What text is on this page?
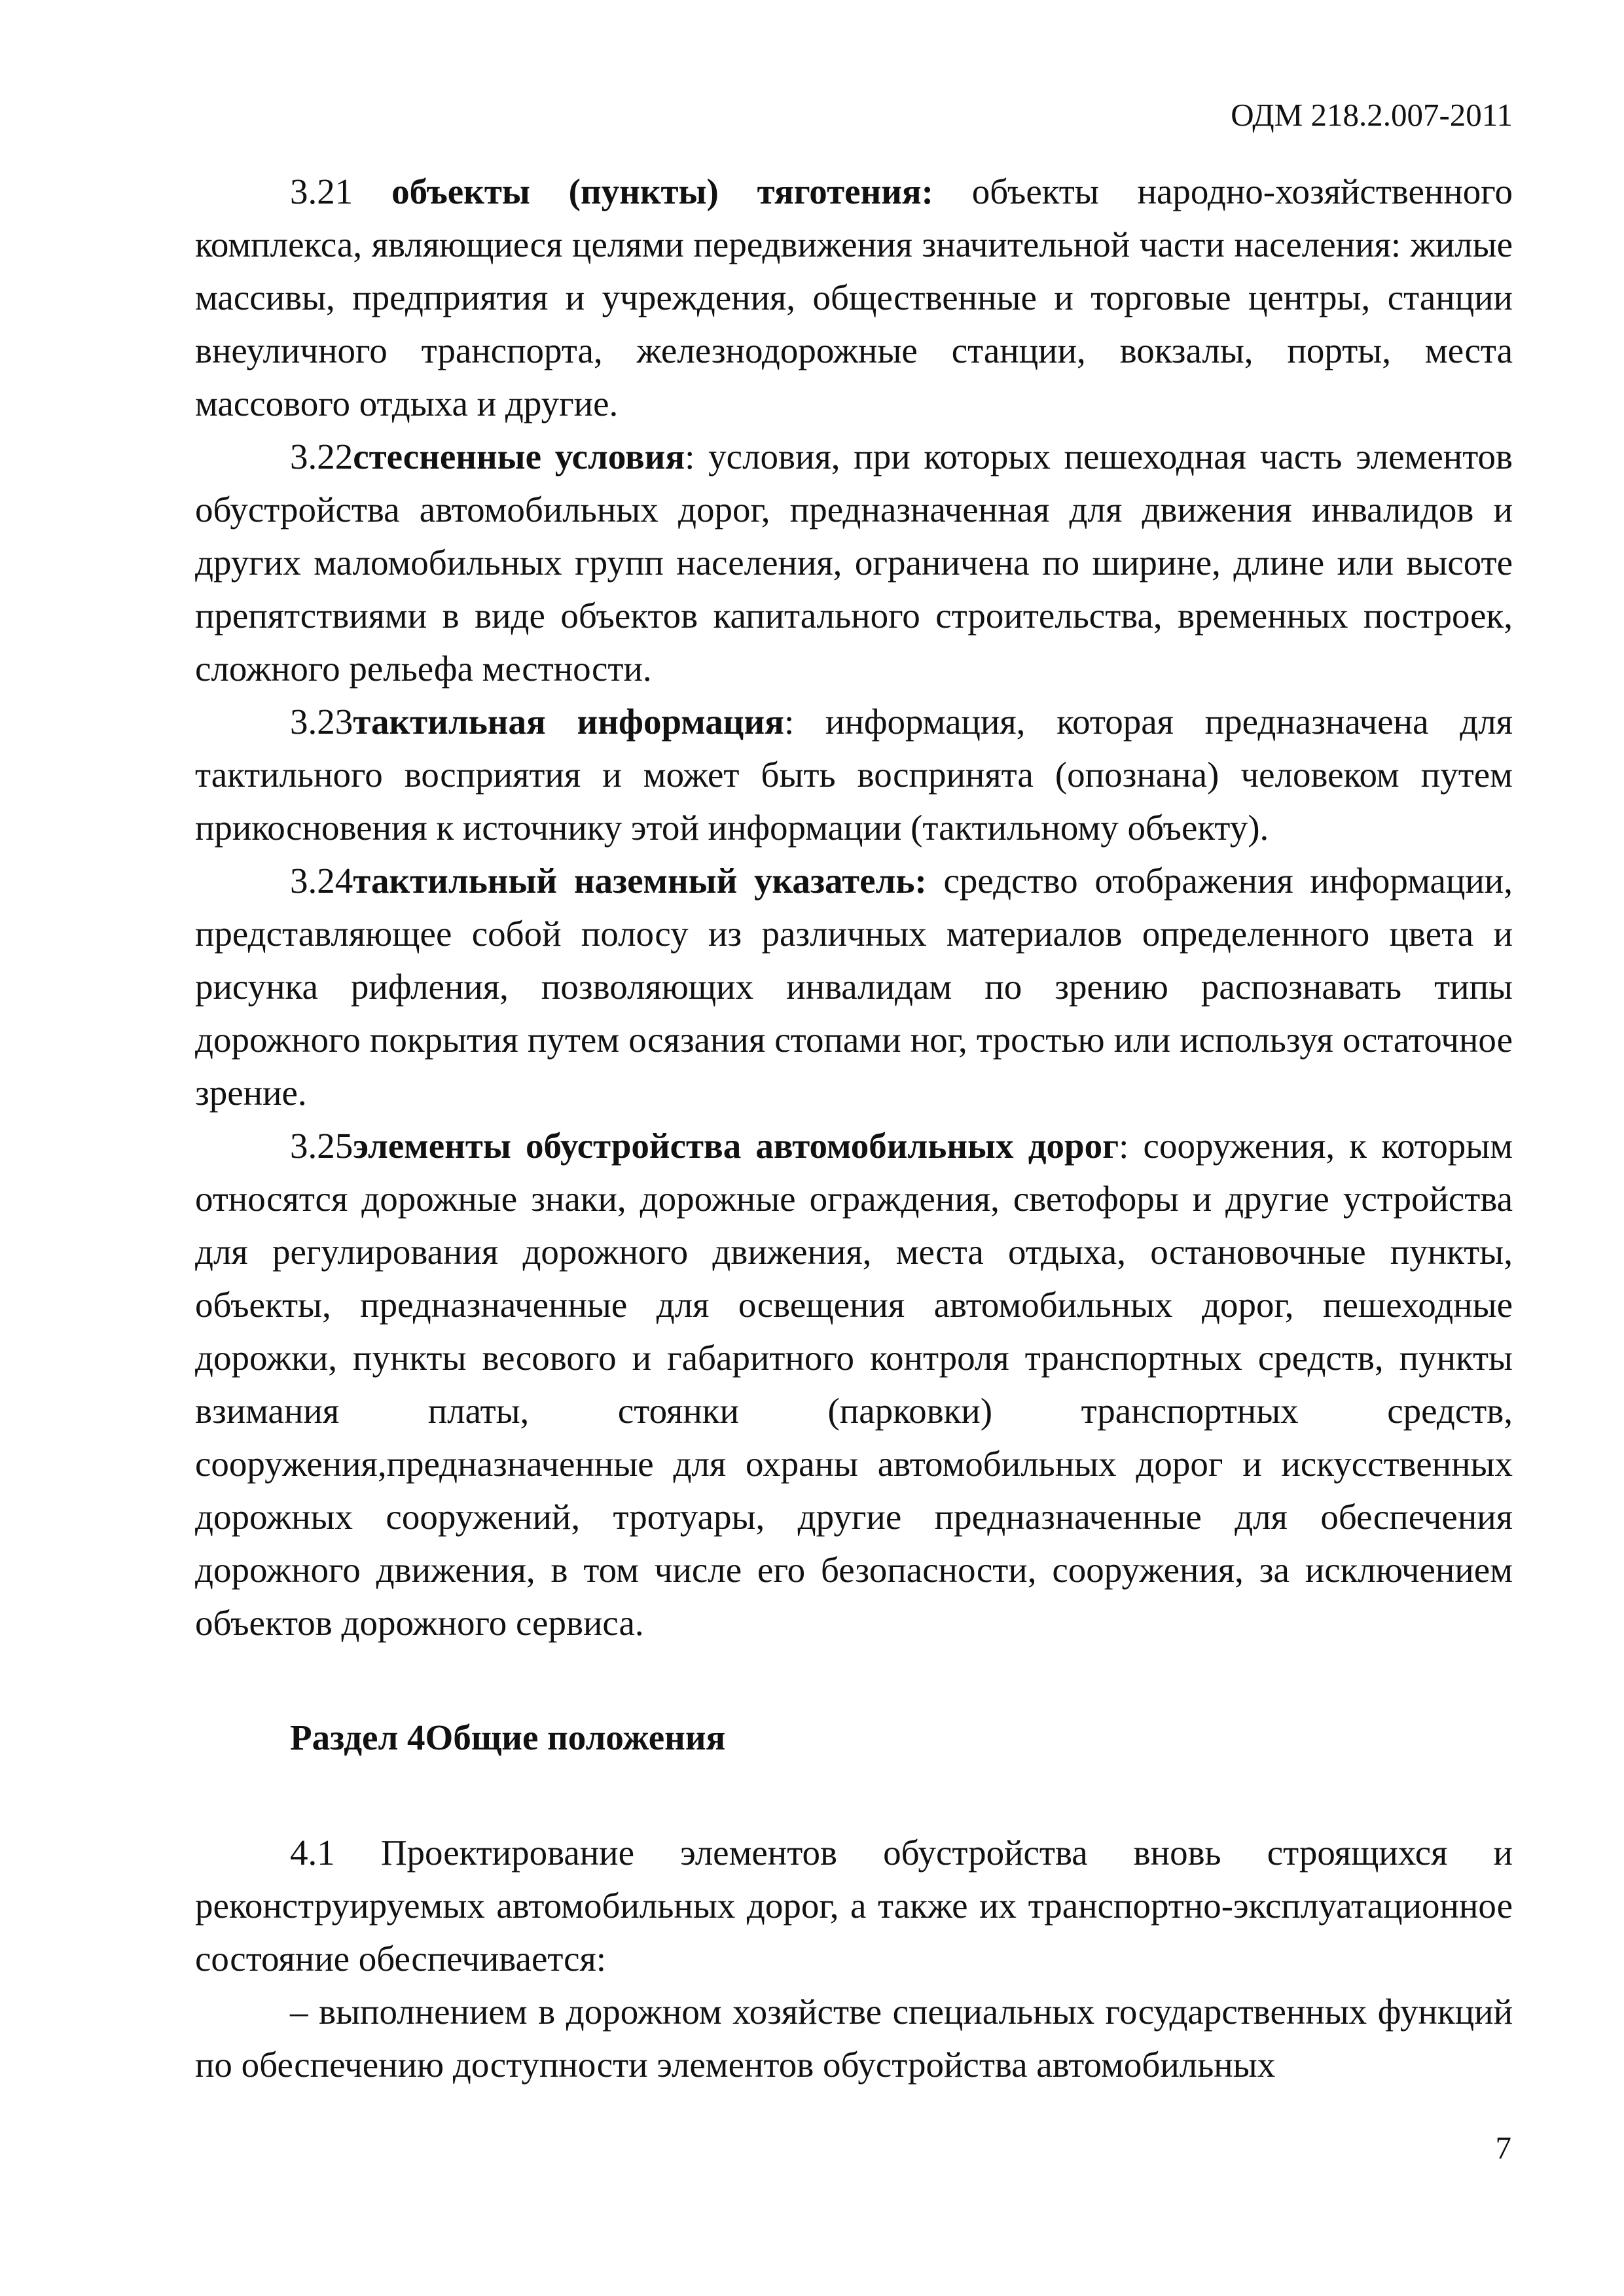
ОДМ 218.2.007-2011

3.21 объекты (пункты) тяготения: объекты народно-хозяйственного комплекса, являющиеся целями передвижения значительной части населения: жилые массивы, предприятия и учреждения, общественные и торговые центры, станции внеуличного транспорта, железнодорожные станции, вокзалы, порты, места массового отдыха и другие.

3.22стесненные условия: условия, при которых пешеходная часть элементов обустройства автомобильных дорог, предназначенная для движения инвалидов и других маломобильных групп населения, ограничена по ширине, длине или высоте препятствиями в виде объектов капитального строительства, временных построек, сложного рельефа местности.

3.23тактильная информация: информация, которая предназначена для тактильного восприятия и может быть воспринята (опознана) человеком путем прикосновения к источнику этой информации (тактильному объекту).

3.24тактильный наземный указатель: средство отображения информации, представляющее собой полосу из различных материалов определенного цвета и рисунка рифления, позволяющих инвалидам по зрению распознавать типы дорожного покрытия путем осязания стопами ног, тростью или используя остаточное зрение.

3.25элементы обустройства автомобильных дорог: сооружения, к которым относятся дорожные знаки, дорожные ограждения, светофоры и другие устройства для регулирования дорожного движения, места отдыха, остановочные пункты, объекты, предназначенные для освещения автомобильных дорог, пешеходные дорожки, пункты весового и габаритного контроля транспортных средств, пункты взимания платы, стоянки (парковки) транспортных средств, сооружения,предназначенные для охраны автомобильных дорог и искусственных дорожных сооружений, тротуары, другие предназначенные для обеспечения дорожного движения, в том числе его безопасности, сооружения, за исключением объектов дорожного сервиса.

Раздел 4Общие положения

4.1 Проектирование элементов обустройства вновь строящихся и реконструируемых автомобильных дорог, а также их транспортно-эксплуатационное состояние обеспечивается:

– выполнением в дорожном хозяйстве специальных государственных функций по обеспечению доступности элементов обустройства автомобильных

7
